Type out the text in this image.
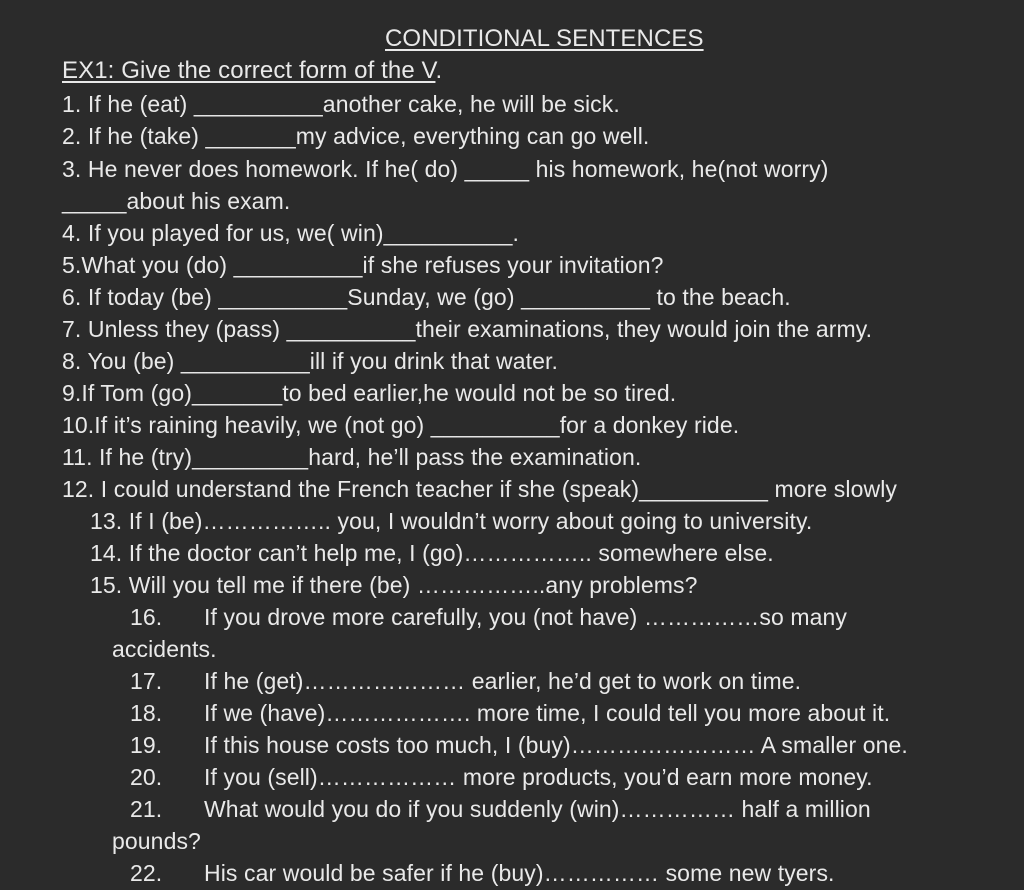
CONDITIONAL SENTENCES
EX1: Give the correct form of the V.
1. If he (eat) __________another cake, he will be sick.
2. If he (take) _______my advice, everything can go well.
3. He never does homework. If he( do) _____ his homework, he(not worry)
_____about his exam.
4. If you played for us, we( win)__________.
5.What you (do) __________if she refuses your invitation?
6. If today (be) __________Sunday, we (go) __________ to the beach.
7. Unless they (pass) __________their examinations, they would join the army.
8. You (be) __________ill if you drink that water.
9.If Tom (go)_______to bed earlier,he would not be so tired.
10.If it’s raining heavily, we (not go) __________for a donkey ride.
11. If he (try)_________hard, he’ll pass the examination.
12. I could understand the French teacher if she (speak)__________ more slowly
13. If I (be)…………….. you, I wouldn’t worry about going to university.
14. If the doctor can’t help me, I (go)…………….. somewhere else.
15. Will you tell me if there (be) ……………..any problems?
16. If you drove more carefully, you (not have) ……………so many
accidents.
17. If he (get)………………… earlier, he’d get to work on time.
18. If we (have)………………. more time, I could tell you more about it.
19. If this house costs too much, I (buy)…………………… A smaller one.
20. If you (sell)……………… more products, you’d earn more money.
21. What would you do if you suddenly (win)…………… half a million
pounds?
22. His car would be safer if he (buy)…………… some new tyers.
